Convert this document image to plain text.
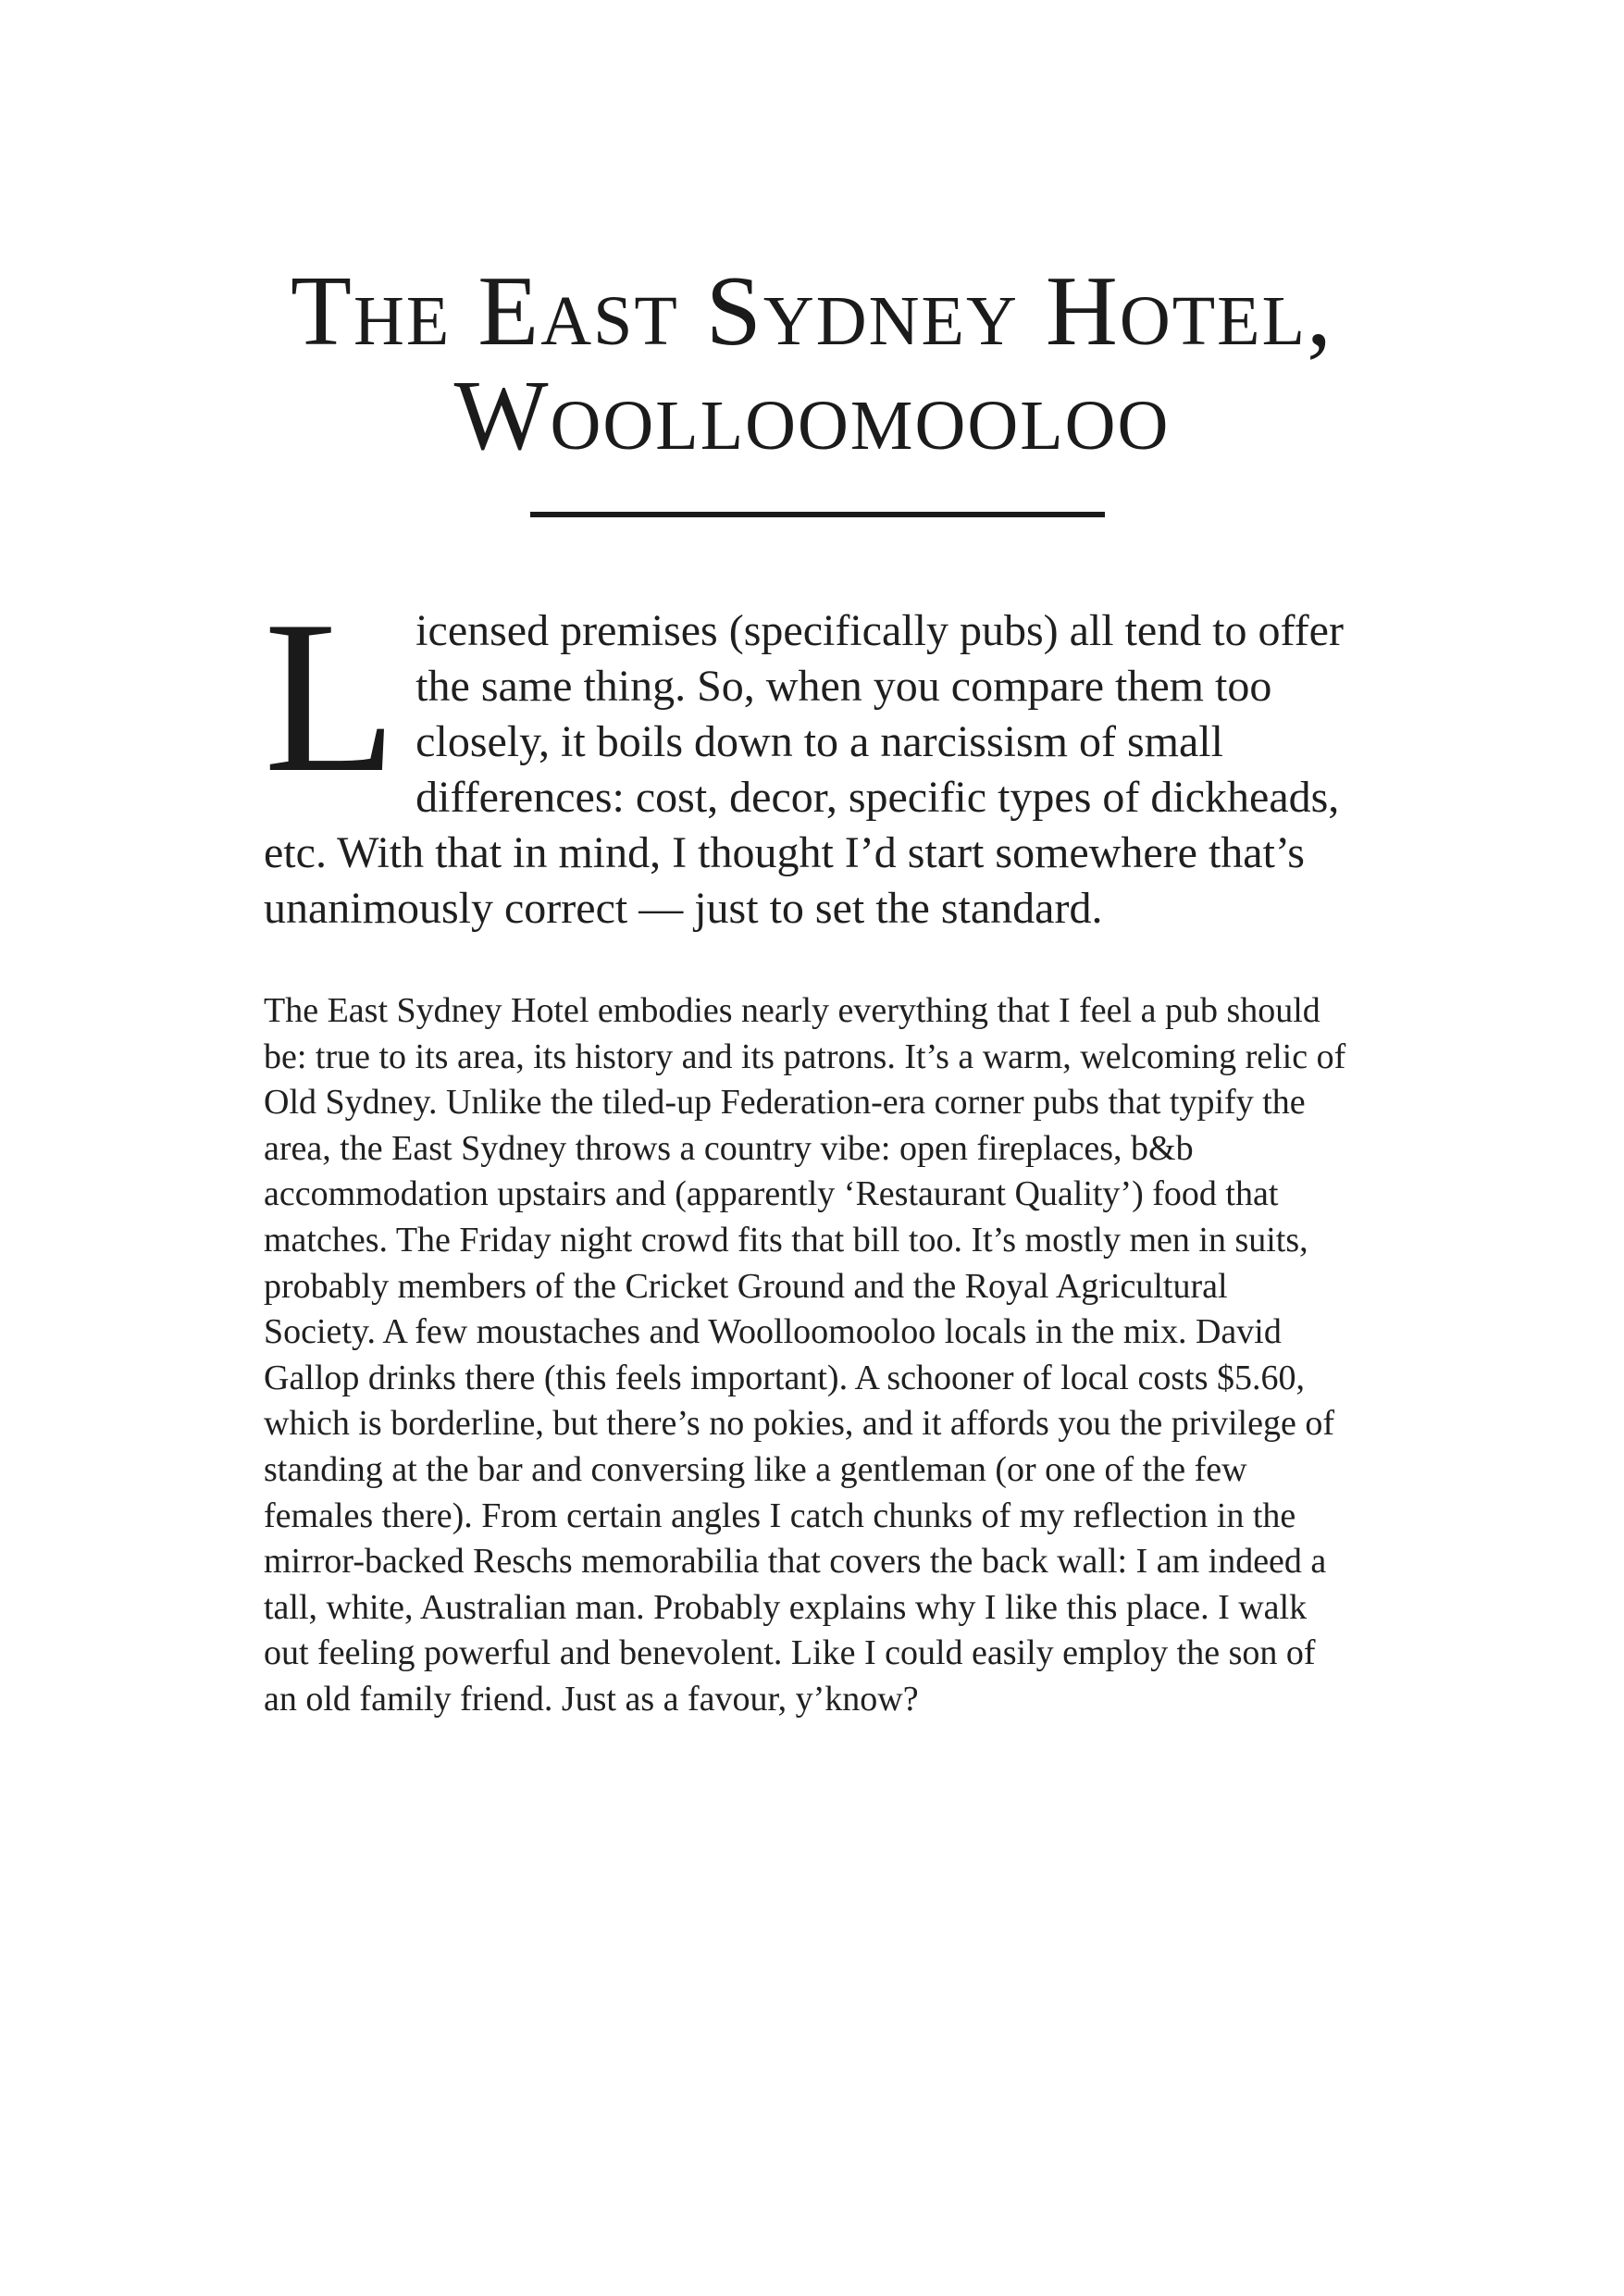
The East Sydney Hotel,
Woolloomooloo

L icensed premises (specifically pubs) all tend to offer the same thing. So, when you compare them too closely, it boils down to a narcissism of small differences: cost, decor, specific types of dickheads, etc. With that in mind, I thought I’d start somewhere that’s unanimously correct — just to set the standard.

The East Sydney Hotel embodies nearly everything that I feel a pub should be: true to its area, its history and its patrons. It’s a warm, welcoming relic of Old Sydney. Unlike the tiled-up Federation-era corner pubs that typify the area, the East Sydney throws a country vibe: open fireplaces, b&b accommodation upstairs and (apparently ‘Restaurant Quality’) food that matches. The Friday night crowd fits that bill too. It’s mostly men in suits, probably members of the Cricket Ground and the Royal Agricultural Society. A few moustaches and Woolloomooloo locals in the mix. David Gallop drinks there (this feels important). A schooner of local costs $5.60, which is borderline, but there’s no pokies, and it affords you the privilege of standing at the bar and conversing like a gentleman (or one of the few females there). From certain angles I catch chunks of my reflection in the mirror-backed Reschs memorabilia that covers the back wall: I am indeed a tall, white, Australian man. Probably explains why I like this place. I walk out feeling powerful and benevolent. Like I could easily employ the son of an old family friend. Just as a favour, y’know?
